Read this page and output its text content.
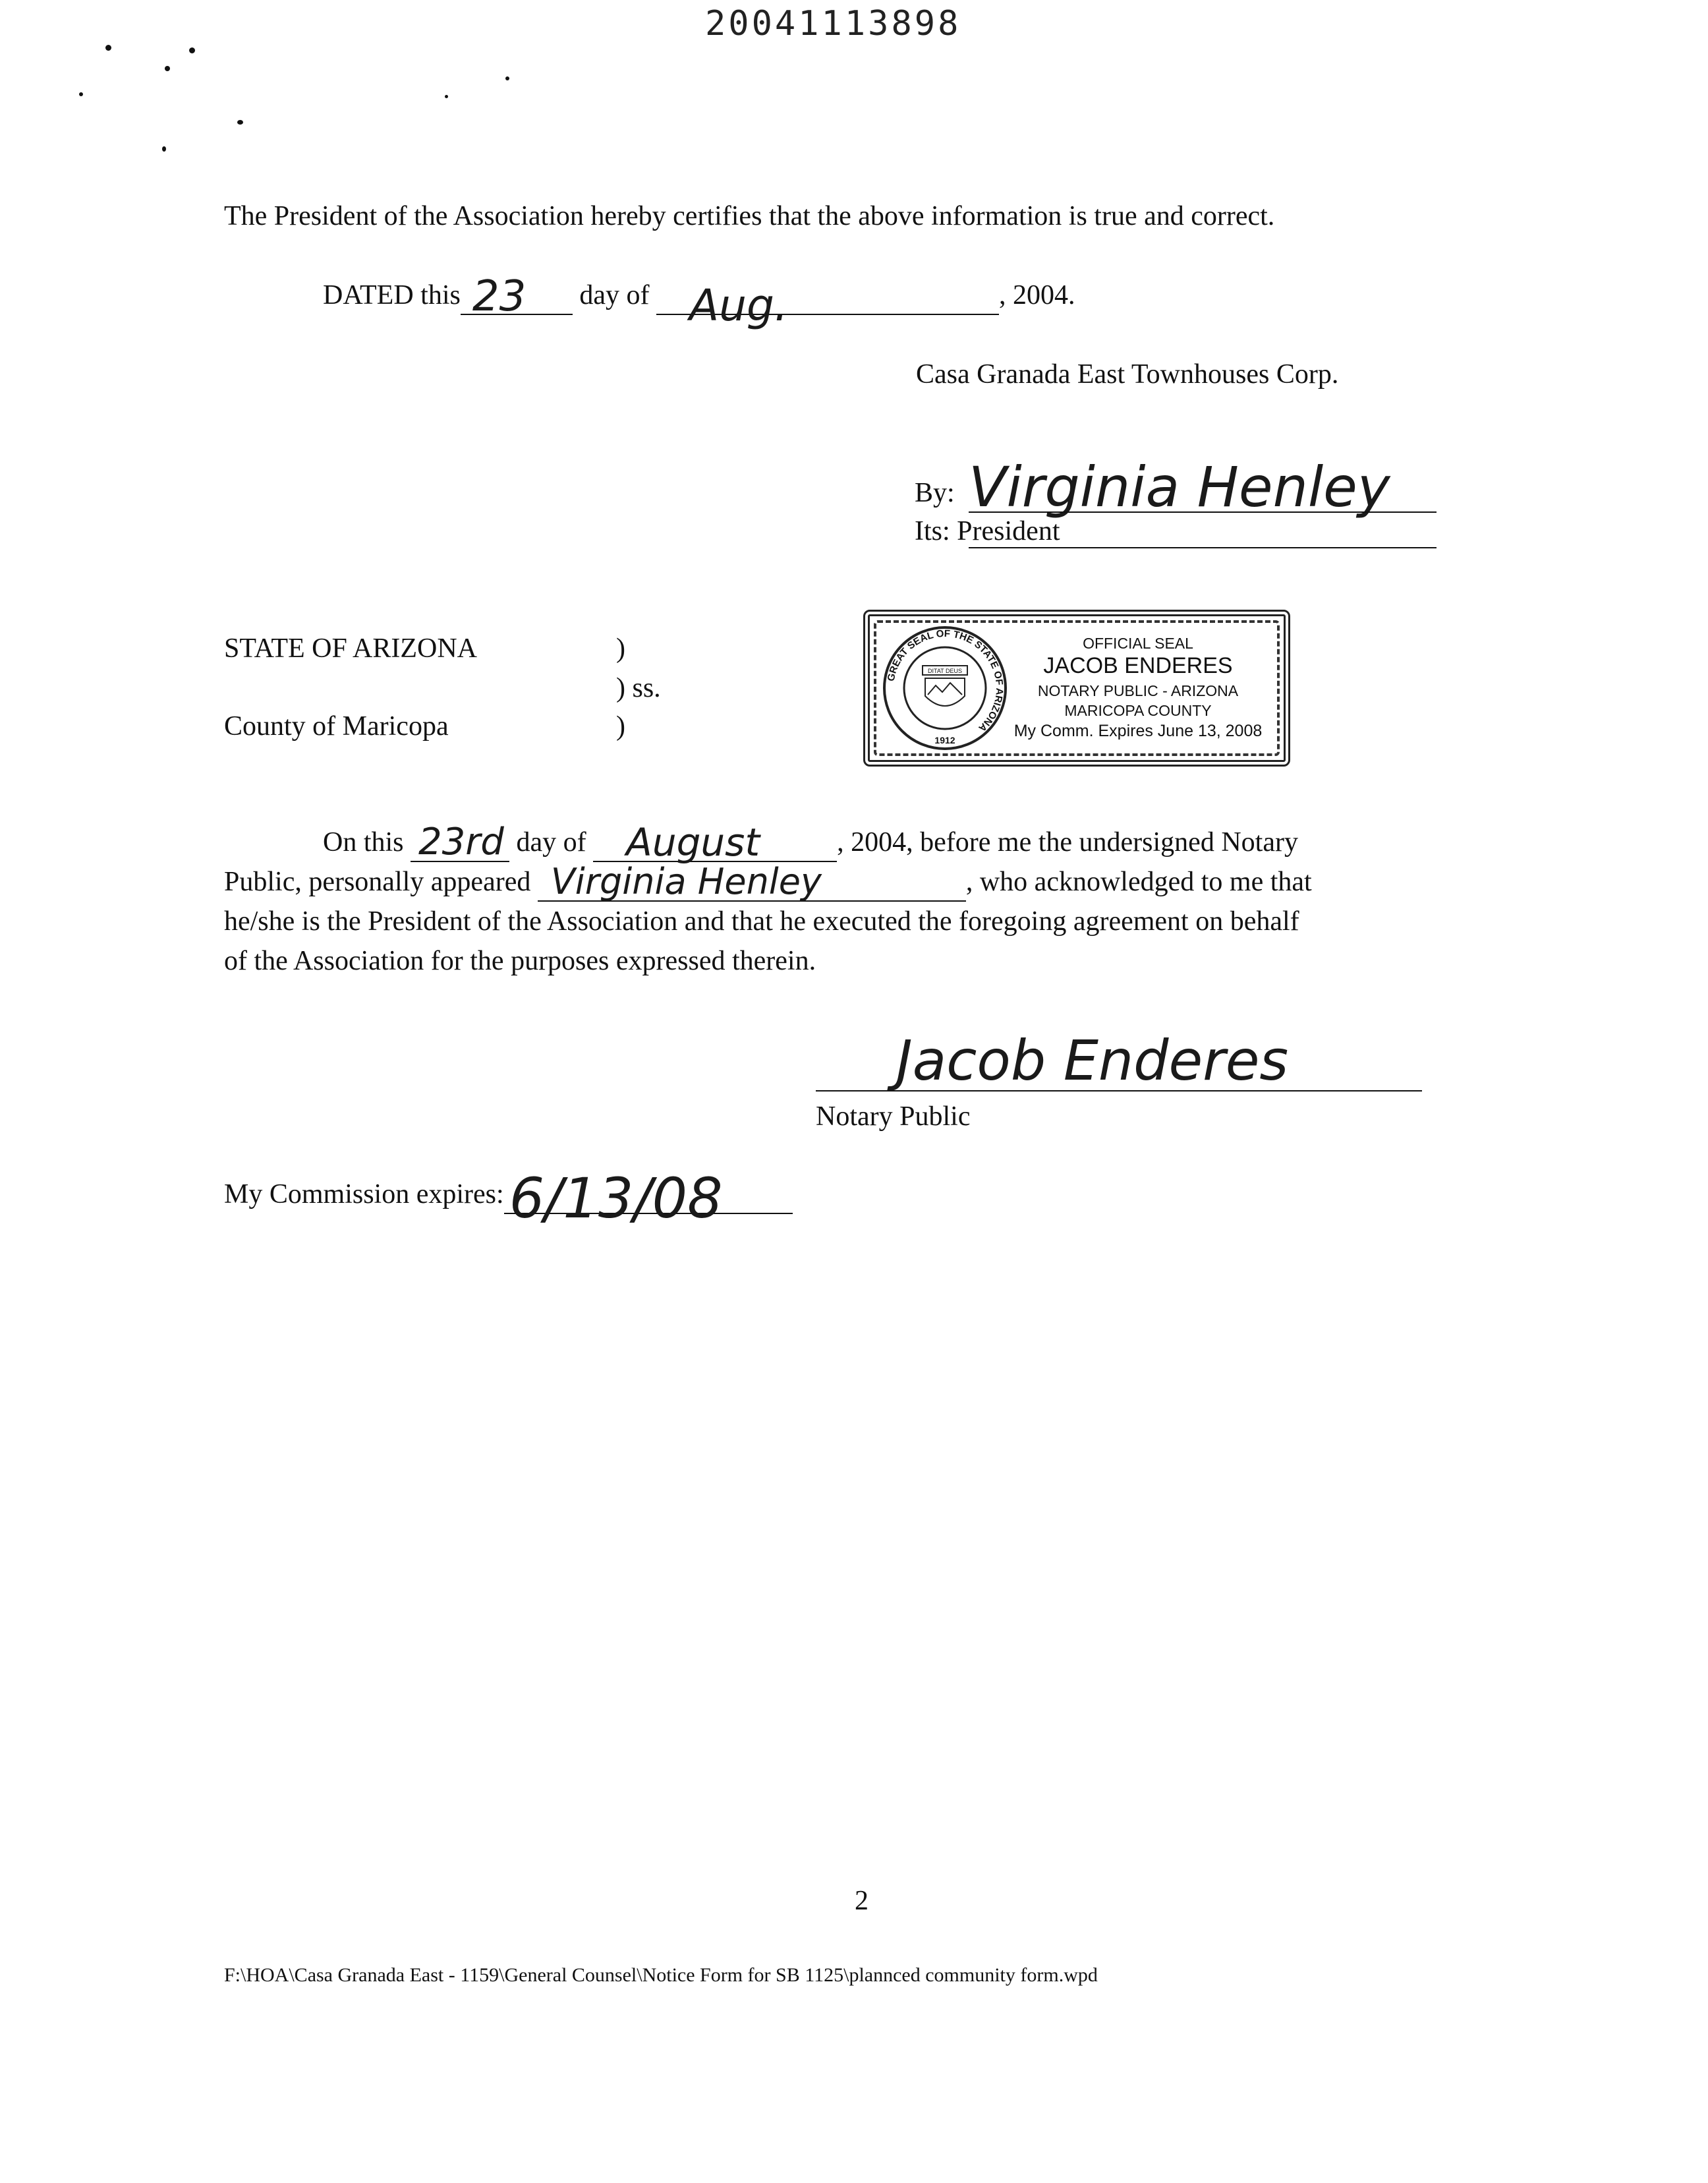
20041113898
The President of the Association hereby certifies that the above information is true and correct.
DATED this 23 day of Aug.	, 2004.
Casa Granada East Townhouses Corp.
By: Virginia Henley
Its: President
STATE OF ARIZONA	)
) ss.
County of Maricopa	)
GREAT SEAL OF THE STATE OF ARIZONA
DITAT DEUS
1912
OFFICIAL SEAL
JACOB ENDERES
NOTARY PUBLIC - ARIZONA
MARICOPA COUNTY
My Comm. Expires June 13, 2008
On this 23rd day of August	, 2004, before me the undersigned Notary
Public, personally appeared Virginia Henley	, who acknowledged to me that
he/she is the President of the Association and that he executed the foregoing agreement on behalf
of the Association for the purposes expressed therein.
Jacob Enderes
Notary Public
My Commission expires: 6/13/08
2
F:\HOA\Casa Granada East - 1159\General Counsel\Notice Form for SB 1125\plannced community form.wpd
